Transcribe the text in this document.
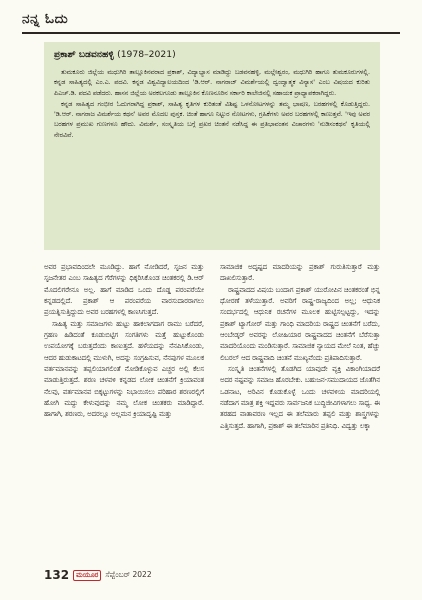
ನನ್ನ ಓದು
ಪ್ರಕಾಶ್ ಬಡವನಹಳ್ಳಿ (1978–2021)

ತುಮಕೂರು ಜಿಲ್ಲೆಯ ಮಧುಗಿರಿ ತಾಲ್ಲೂಕಿನವರಾದ ಪ್ರಕಾಶ್, ವಿದ್ಯಾಭ್ಯಾಸ ಮಾಡಿದ್ದು ಬಡವನಹಳ್ಳಿ, ಮಲ್ಲೇಶ್ವರಂ, ಮಧುಗಿರಿ ಹಾಗೂ ತುಮಕೂರುಗಳಲ್ಲಿ. ಕನ್ನಡ ಸಾಹಿತ್ಯದಲ್ಲಿ ಎಂ.ಎ. ಪದವಿ. ಕನ್ನಡ ವಿಶ್ವವಿದ್ಯಾಲಯದಿಂದ 'ಡಿ.ಆರ್. ನಾಗರಾಜ್ ವಿಮರ್ಶೆಯಲ್ಲಿ ದ್ವಂದ್ವಾತ್ಮಕ ವಿನ್ಯಾಸ' ಎಂಬ ವಿಷಯದ ಕುರಿತು ಪಿಎಚ್.ಡಿ. ಪದವಿ ಪಡೆದರು. ಹಾಸನ ಜಿಲ್ಲೆಯ ಅರಕಲಗೂಡು ತಾಲ್ಲೂಕಿನ ಕೊಣನೂರಿನ ಸರ್ಕಾರಿ ಕಾಲೇಜಿನಲ್ಲಿ ಸಹಾಯಕ ಪ್ರಾಧ್ಯಾಪಕರಾಗಿದ್ದರು.

ಕನ್ನಡ ಸಾಹಿತ್ಯದ ಗಂಭೀರ ಓದುಗರಾಗಿದ್ದ ಪ್ರಕಾಶ್, ಸಾಹಿತ್ಯ ಕೃತಿಗಳ ಕುರಿತಂತೆ ವಿಶಿಷ್ಟ ಒಳನೋಟಗಳನ್ನು ತಮ್ಮ ಭಾಷಣ, ಬರಹಗಳಲ್ಲಿ ಕೊಡುತ್ತಿದ್ದರು. 'ಡಿ.ಆರ್. ನಾಗರಾಜ ವಿಮರ್ಶೆಯ ಕಥನ' ಅವರ ಮೊದಲ ಪುಸ್ತಕ. ಚಿಂತೆ ಹಾಗೂ ನಿಟ್ಟುರ ನೋಟಗಳು, ಗ್ರಹಿಕೆಗಳು ಅವರ ಬರಹಗಳಲ್ಲಿ ಕಾಣುತ್ತವೆ. 'ಇವು ಅವರ ಬರಹಗಳ ಪ್ರಮುಖ ಗುಣಗಳೂ ಹೌದು. ವಿಮರ್ಶೆ, ಸಂಸ್ಕೃತಿಯ ಬಗ್ಗೆ ಪ್ರಖರ ಚಿಂತನೆ ನಡೆಸಿದ್ದ ಈ ಪ್ರತಿಭಾವಂತನ ವಿಚಾರಗಳು 'ನುಡಿಸಂಕಥನ' ಕೃತಿಯಲ್ಲಿ ನೇರವಿವೆ.

ಅವರ ಪ್ರಭಾವದಿಂದಲೇ ಮೂಡಿದ್ದು. ಹಾಗೆ ನೋಡಿದರೆ, ಸೃಜನ ಮತ್ತು ಸೃಜನೇತರ ಎಂಬ ಸಾಹಿತ್ಯದ ಗೆರೆಗಳನ್ನು ಧಿಕ್ಕರಿಸಿಕೊಂಡ ಚಿಂತಕರಲ್ಲಿ ಡಿ.ಆರ್ ಮೊದಲಿಗರೇನೂ ಅಲ್ಲ. ಹಾಗೆ ಮಾಡಿದ ಒಂದು ದೊಡ್ಡ ಪರಂಪರೆಯೇ ಕನ್ನಡದಲ್ಲಿದೆ. ಪ್ರಕಾಶ್ ಆ ಪರಂಪರೆಯ ವಾರಸುದಾರರಾಗಲು ಪ್ರಯತ್ನಿಸುತ್ತಿದ್ದುದು ಅವರ ಬರಹಗಳಲ್ಲಿ ಕಾಣಸಿಗುತ್ತದೆ.

ಸಾಹಿತ್ಯ ಮತ್ತು ಸಮಾಜಗಳು ಹುಟ್ಟು ಹಾಕಲಾಗದಾಗ ರಾಮು ಬರೆದರೆ, ಗ್ರಹಣ ಹಿಡಿದಂತೆ ಕೂಡುಬಿಟ್ಟಿಗ ಸಂಗತಿಗಳು ಮತ್ತೆ ಹುಟ್ಟುಕೊಂಡು ಉಪಯೋಗಕ್ಕೆ ಬರುತ್ತದೆಂದು ಕಾಣುತ್ತದೆ. ಹಳೆಯದನ್ನು ನೆನಪಿಸಿಕೊಂಡು, ಆದರ ಹುಡುಕಾಟದಲ್ಲಿ ಮುಳುಗಿ, ಅದನ್ನು ಸಂಗ್ರಹಿಸುವ, ನೆನಪುಗಳ ಮೂಲಕ ವರ್ತಮಾನವನ್ನು ತಪ್ಪಲಿಯಾಗಲಿಂತೆ ನೋಡಿಕೊಳ್ಳುವ ಎಚ್ಚರ ಅಲ್ಲಿ ಕೆಲಸ ಮಾಡುತ್ತಿರುತ್ತದೆ. ಶರಣ ಚಳವಳಿ ಕನ್ನಡದ ಲೋಕ ಚಿಂತನೆಗೆ ಕ್ರಿಯಾವಂತ ನೆಲವು, ವರ್ತಮಾನವ ಬಿಕ್ಕಟ್ಟುಗಳನ್ನು ನಿಭಾಯಿಸಲು ಪರಿಹಾರ ಶರಣರಲ್ಲಿಗೆ ಹೋಗಿ ಮದ್ದು ಕೇಳುವುದನ್ನು ನಮ್ಮ ಲೋಕ ಚಿಂತಕರು ಮಾಡಿದ್ದಾರೆ. ಹಾಗಾಗಿ, ಶರಣರು, ಅದರಲ್ಲೂ ಅಲ್ಲಮನ ಕ್ರಿಯಾದೃಷ್ಟಿ ಮತ್ತು

ಸಾಮಾಜಿಕ ಅದೃಷ್ಟದ ಮಾದರಿಯನ್ನು ಪ್ರಕಾಶ್ ಗುರುತಿಸುತ್ತಾರೆ ಮತ್ತು ದಾಖಲಿಸುತ್ತಾರೆ.

ರಾಷ್ಟ್ರವಾದದ ವಿಷಯ ಬಂದಾಗ ಪ್ರಕಾಶ್ ಯುರೋಪಿನ ಚಿಂತಕರಂತೆ ಭಿನ್ನ ಧೋರಣೆ ತಳೆಯುತ್ತಾರೆ. ಅವರಿಗೆ ರಾಷ್ಟ್ರ-ರಾಜ್ಯದಿಂದ ಅಲ್ಲ; ಆಧುನಿಕ ಸಂದರ್ಭದಲ್ಲಿ ಆಧುನಿಕ ರಚನೆಗಳ ಮೂಲಕ ಹುಟ್ಟಿಸಲ್ಪಟ್ಟದ್ದು, ಇದನ್ನು ಪ್ರಕಾಶ್ ಟ್ಯಾಗೋರ್ ಮತ್ತು ಗಾಂಧಿ ಮಾದರಿಯ ರಾಷ್ಟ್ರದ ಚಿಂತನೆಗೆ ಬರೆದು, ಆಂಬೇಡ್ಕರ್ ಅವರನ್ನು ಲೋಹಿಯಾರ ರಾಷ್ಟ್ರವಾದದ ಚಿಂತನೆಗೆ ಬೆರೆಸುತ್ತಾ ಮಾದರಿಯೊಂದು ಮಂಡಿಸುತ್ತಾರೆ. ಸಾಮಾಜಿಕ ನ್ಯಾಯದ ಮೇಲೆ ನಿಂತ, ಹೆಚ್ಚು ಲಿಬರಲ್ ಆದ ರಾಷ್ಟ್ರವಾದಿ ಚಿಂತನೆ ಮುಖ್ಯವೆಂದು ಪ್ರತಿಪಾದಿಸುತ್ತಾರೆ.

ಸಂಸ್ಕೃತಿ ಚಿಂತನೆಗಳಲ್ಲಿ ತೊಡಗಿದ ಯಾವುದೇ ವ್ಯಕ್ತಿ ವಿಕಾಂಗಿಯಾದರೆ ಅದರ ನಷ್ಟವನ್ನು ಸಮಾಜ ಹೊರಬೇಕು. ಬಹುಜನ-ಸಮುದಾಯದ ಜೊತೆಗಿನ ಒಡನಾಟ, ಅರಿವಿನ ಕೊಡುಕೊಳ್ಳೆ ಒಂದು ಚಳವಳಿಯ ಮಾದರಿಯಲ್ಲಿ ನಡೆದಾಗ ಮಾತ್ರ ಶಕ್ತಿ ಇದ್ದವರು ಸಾರ್ವಜನಿಕ ಬುದ್ಧಿಜೀವಿಗಳಾಗಲು ಸಾಧ್ಯ. ಈ ತರಹದ ವಾತಾವರಣ ಇಲ್ಲದ ಈ ತಲೆಮಾರು ತಪ್ಪಲಿ ಮತ್ತು ಶಾಸ್ತ್ರಗಳನ್ನು ಎತ್ತಿಸುತ್ತದೆ. ಹಾಗಾಗಿ, ಪ್ರಕಾಶ್ ಈ ತಲೆಮಾರಿನ ಪ್ರತಿನಿಧಿ. ವಿದ್ವತ್ತು ಲಕ್ಕಾ

132	ಮಯೂರ ಸೆಪ್ಟೆಂಬರ್ 2022
